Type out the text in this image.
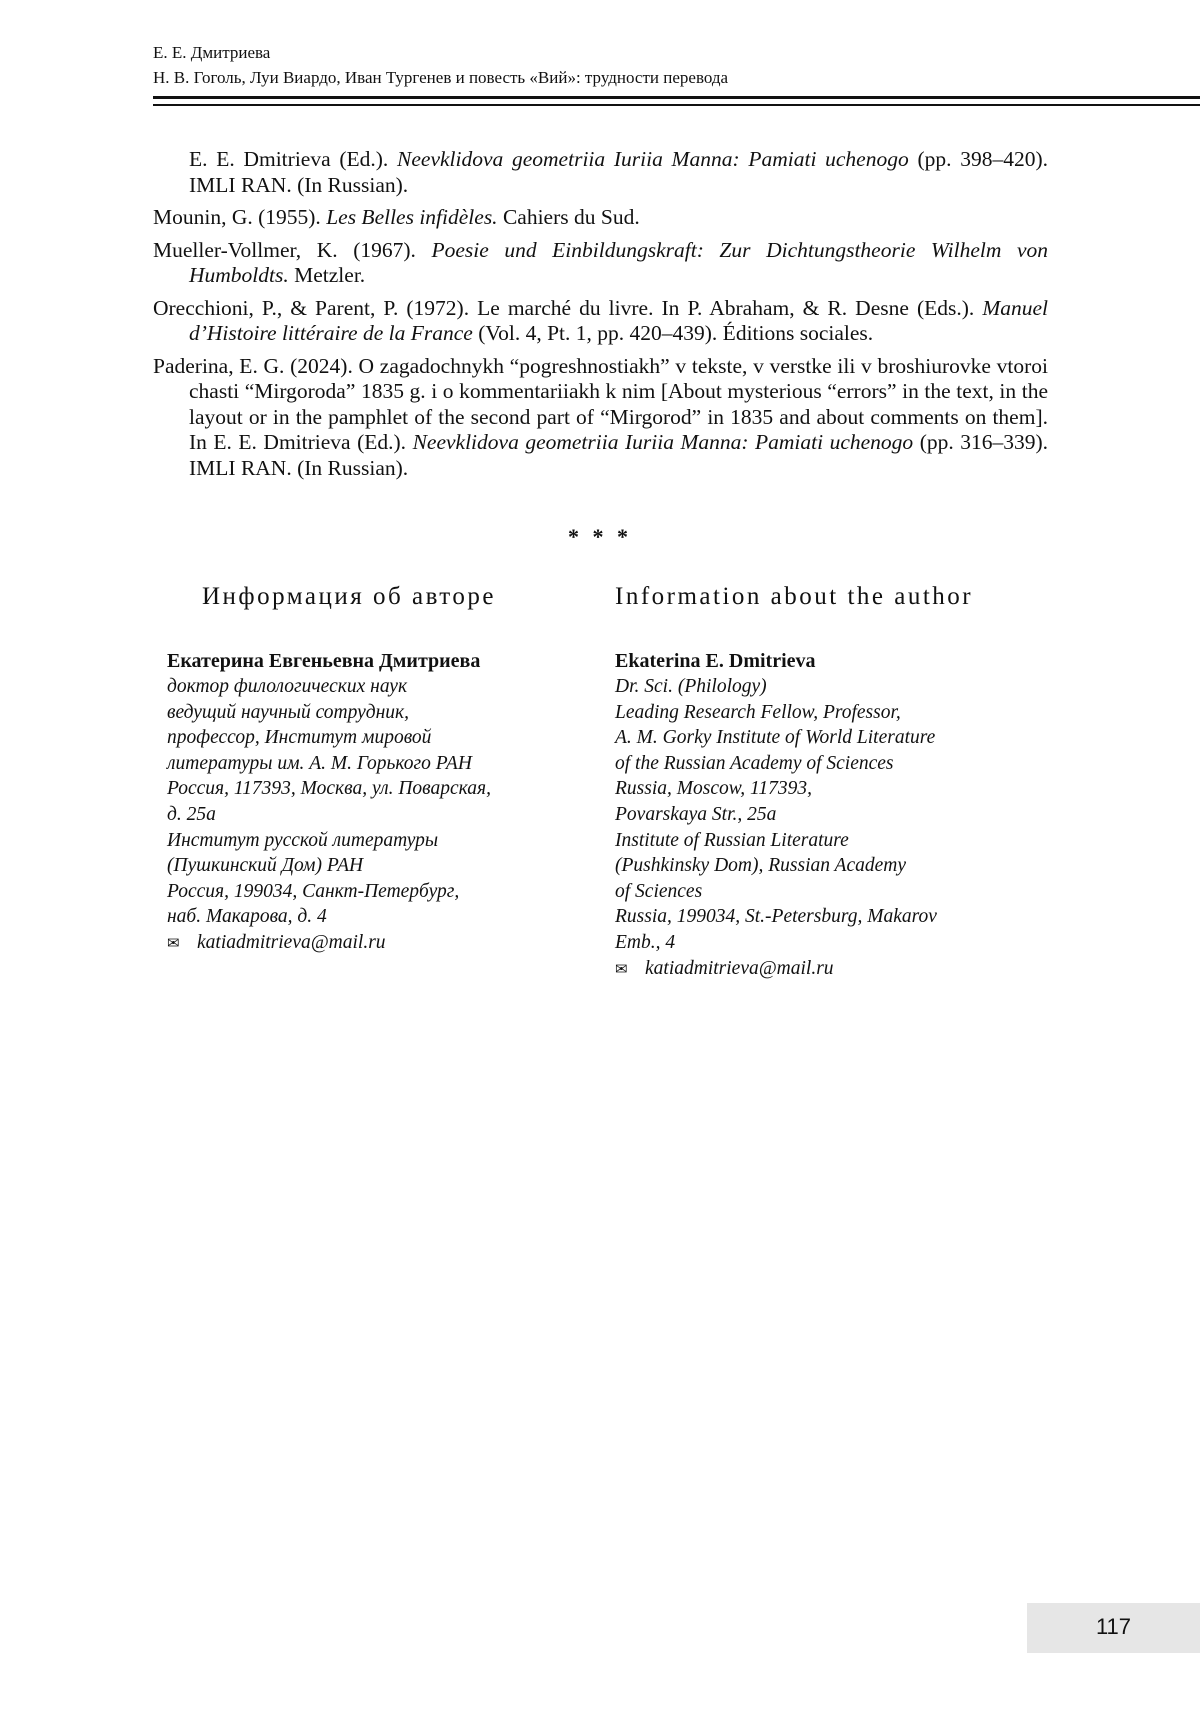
Е. Е. Дмитриева
Н. В. Гоголь, Луи Виардо, Иван Тургенев и повесть «Вий»: трудности перевода
E. E. Dmitrieva (Ed.). Neevklidova geometriia Iuriia Manna: Pamiati uchenogo (pp. 398–420). IMLI RAN. (In Russian).
Mounin, G. (1955). Les Belles infidèles. Cahiers du Sud.
Mueller-Vollmer, K. (1967). Poesie und Einbildungskraft: Zur Dichtungstheorie Wilhelm von Humboldts. Metzler.
Orecchioni, P., & Parent, P. (1972). Le marché du livre. In P. Abraham, & R. Desne (Eds.). Manuel d’Histoire littéraire de la France (Vol. 4, Pt. 1, pp. 420–439). Éditions sociales.
Paderina, E. G. (2024). O zagadochnykh “pogreshnostiakh” v tekste, v verstke ili v broshiurovke vtoroi chasti “Mirgoroda” 1835 g. i o kommentariiakh k nim [About mysterious “errors” in the text, in the layout or in the pamphlet of the second part of “Mirgorod” in 1835 and about comments on them]. In E. E. Dmitrieva (Ed.). Neevklidova geometriia Iuriia Manna: Pamiati uchenogo (pp. 316–339). IMLI RAN. (In Russian).
* * *
Информация об авторе
Екатерина Евгеньевна Дмитриева
доктор филологических наук
ведущий научный сотрудник,
профессор, Институт мировой
литературы им. А. М. Горького РАН
Россия, 117393, Москва, ул. Поварская,
д. 25а
Институт русской литературы
(Пушкинский Дом) РАН
Россия, 199034, Санкт-Петербург,
наб. Макарова, д. 4
✉ katiadmitrieva@mail.ru
Information about the author
Ekaterina E. Dmitrieva
Dr. Sci. (Philology)
Leading Research Fellow, Professor,
A. M. Gorky Institute of World Literature
of the Russian Academy of Sciences
Russia, Moscow, 117393,
Povarskaya Str., 25a
Institute of Russian Literature
(Pushkinsky Dom), Russian Academy
of Sciences
Russia, 199034, St.-Petersburg, Makarov
Emb., 4
✉ katiadmitrieva@mail.ru
117
